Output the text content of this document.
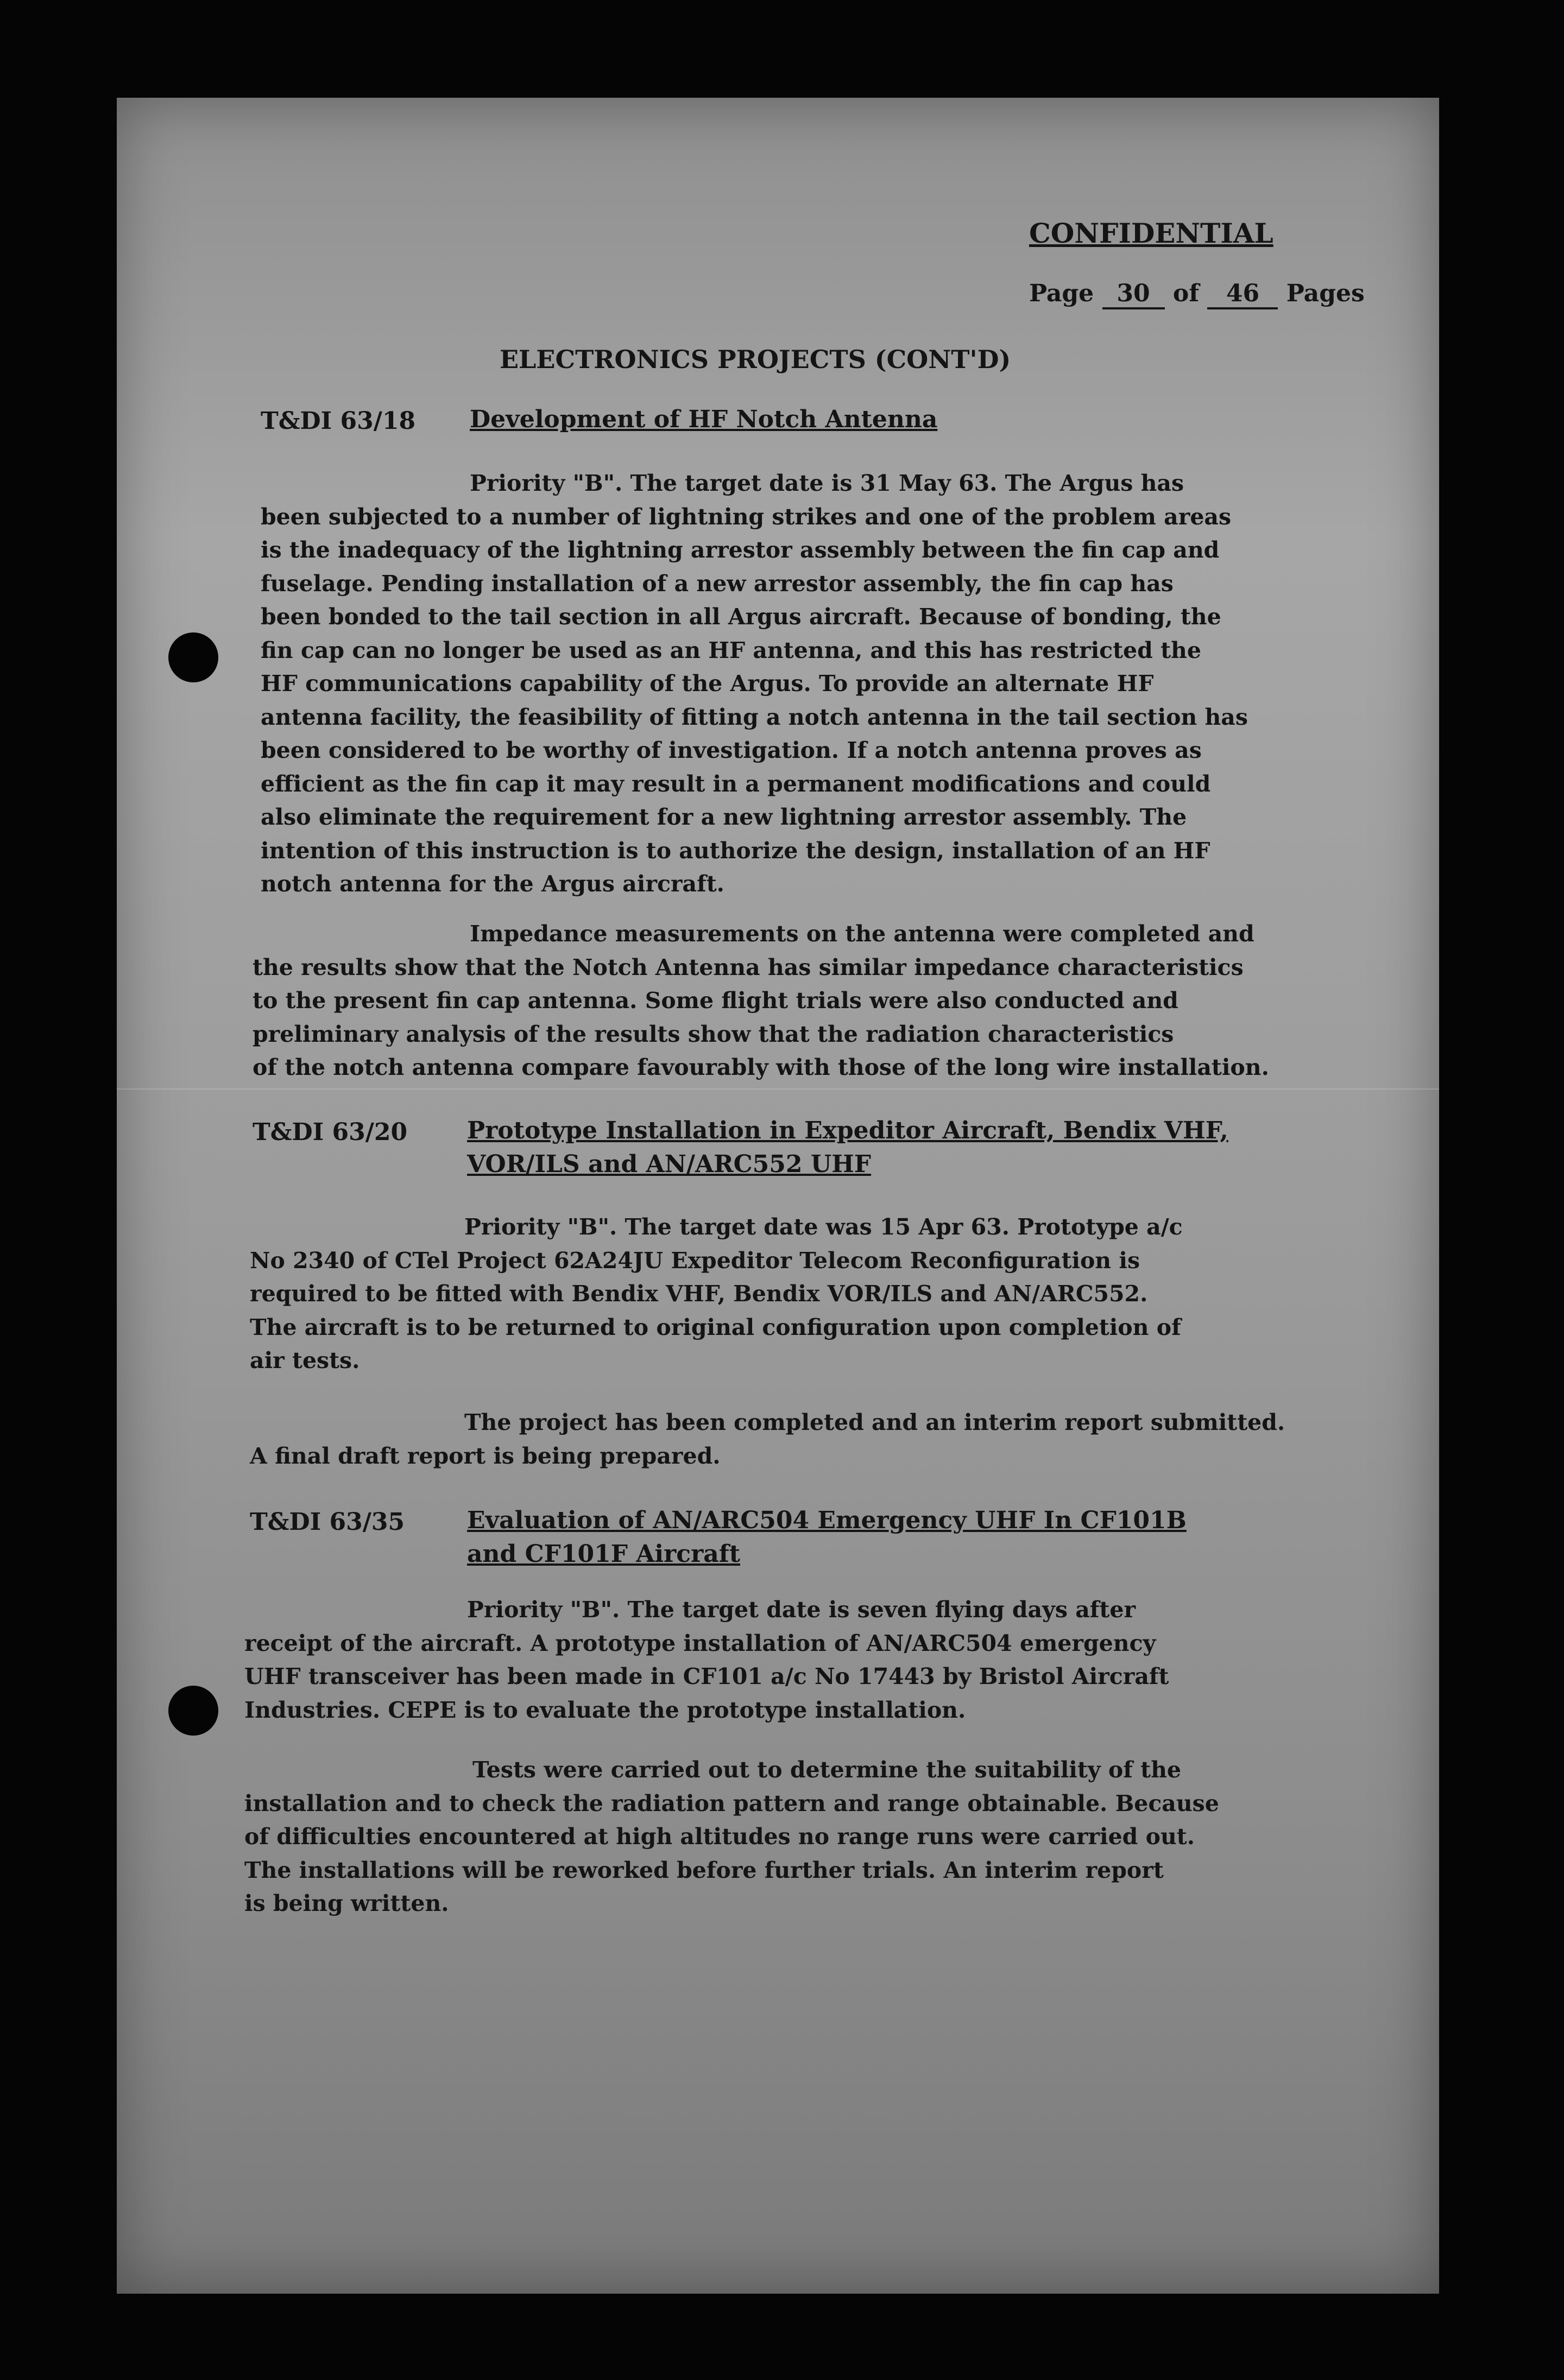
CONFIDENTIAL
Page 30 of 46 Pages
ELECTRONICS PROJECTS (CONT'D)
T&DI 63/18 Development of HF Notch Antenna
Priority "B". The target date is 31 May 63. The Argus has
been subjected to a number of lightning strikes and one of the problem areas
is the inadequacy of the lightning arrestor assembly between the fin cap and
fuselage. Pending installation of a new arrestor assembly, the fin cap has
been bonded to the tail section in all Argus aircraft. Because of bonding, the
fin cap can no longer be used as an HF antenna, and this has restricted the
HF communications capability of the Argus. To provide an alternate HF
antenna facility, the feasibility of fitting a notch antenna in the tail section has
been considered to be worthy of investigation. If a notch antenna proves as
efficient as the fin cap it may result in a permanent modifications and could
also eliminate the requirement for a new lightning arrestor assembly. The
intention of this instruction is to authorize the design, installation of an HF
notch antenna for the Argus aircraft.
Impedance measurements on the antenna were completed and
the results show that the Notch Antenna has similar impedance characteristics
to the present fin cap antenna. Some flight trials were also conducted and
preliminary analysis of the results show that the radiation characteristics
of the notch antenna compare favourably with those of the long wire installation.
T&DI 63/20 Prototype Installation in Expeditor Aircraft, Bendix VHF,
VOR/ILS and AN/ARC552 UHF
Priority "B". The target date was 15 Apr 63. Prototype a/c
No 2340 of CTel Project 62A24JU Expeditor Telecom Reconfiguration is
required to be fitted with Bendix VHF, Bendix VOR/ILS and AN/ARC552.
The aircraft is to be returned to original configuration upon completion of
air tests.
The project has been completed and an interim report submitted.
A final draft report is being prepared.
T&DI 63/35	Evaluation of AN/ARC504 Emergency UHF In CF101B
and CF101F Aircraft
Priority "B". The target date is seven flying days after
receipt of the aircraft. A prototype installation of AN/ARC504 emergency
UHF transceiver has been made in CF101 a/c No 17443 by Bristol Aircraft
Industries. CEPE is to evaluate the prototype installation.
Tests were carried out to determine the suitability of the
installation and to check the radiation pattern and range obtainable. Because
of difficulties encountered at high altitudes no range runs were carried out.
The installations will be reworked before further trials. An interim report
is being written.
